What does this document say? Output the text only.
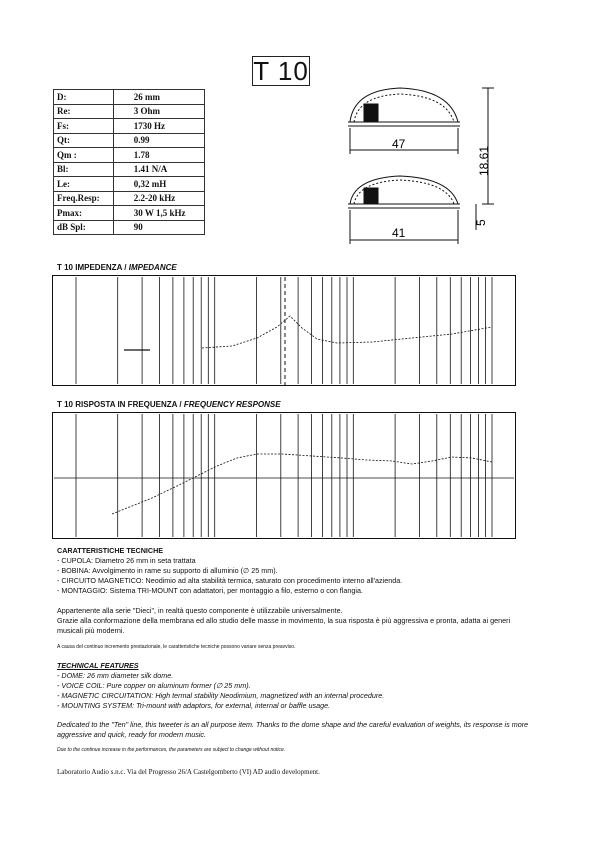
T 10
D:	26 mm
Re:	3 Ohm
Fs:	1730 Hz
Qt:	0.99
Qm :	1.78
Bl:	1.41 N/A
Le:	0,32 mH
Freq.Resp:	2.2-20 kHz
Pmax:	30 W 1,5 kHz
dB Spl:	90
47
41
18.61
5
T 10 IMPEDENZA / IMPEDANCE
T 10 RISPOSTA IN FREQUENZA / FREQUENCY RESPONSE
CARATTERISTICHE TECNICHE
- CUPOLA: Diametro 26 mm in seta trattata
- BOBINA: Avvolgimento in rame su supporto di alluminio (∅ 25 mm).
- CIRCUITO MAGNETICO: Neodimio ad alta stabilità termica, saturato con procedimento interno all'azienda.
- MONTAGGIO: Sistema TRI-MOUNT con adattatori, per montaggio a filo, esterno o con flangia.
Appartenente alla serie "Dieci", in realtà questo componente è utilizzabile universalmente.
Grazie alla conformazione della membrana ed allo studio delle masse in movimento, la sua risposta è più aggressiva e pronta, adatta ai generi musicali più moderni.
A causa del continuo incremento prestazionale, le caratteristiche tecniche possono variare senza preavviso.
TECHNICAL FEATURES
- DOME: 26 mm diameter silk dome.
- VOICE COIL: Pure copper on aluminum former (∅ 25 mm).
- MAGNETIC CIRCUITATION: High termal stability Neodimium, magnetized with an internal procedure.
- MOUNTING SYSTEM: Tri-mount with adaptors, for external, internal or baffle usage.
Dedicated to the "Ten" line, this tweeter is an all purpose item. Thanks to the dome shape and the careful evaluation of weights, its response is more aggressive and quick, ready for modern music.
Due to the continue increase in the performances, the parameters are subject to change without notice.
Laboratorio Audio s.n.c. Via del Progresso 26/A Castelgomberto (VI) AD audio development.
